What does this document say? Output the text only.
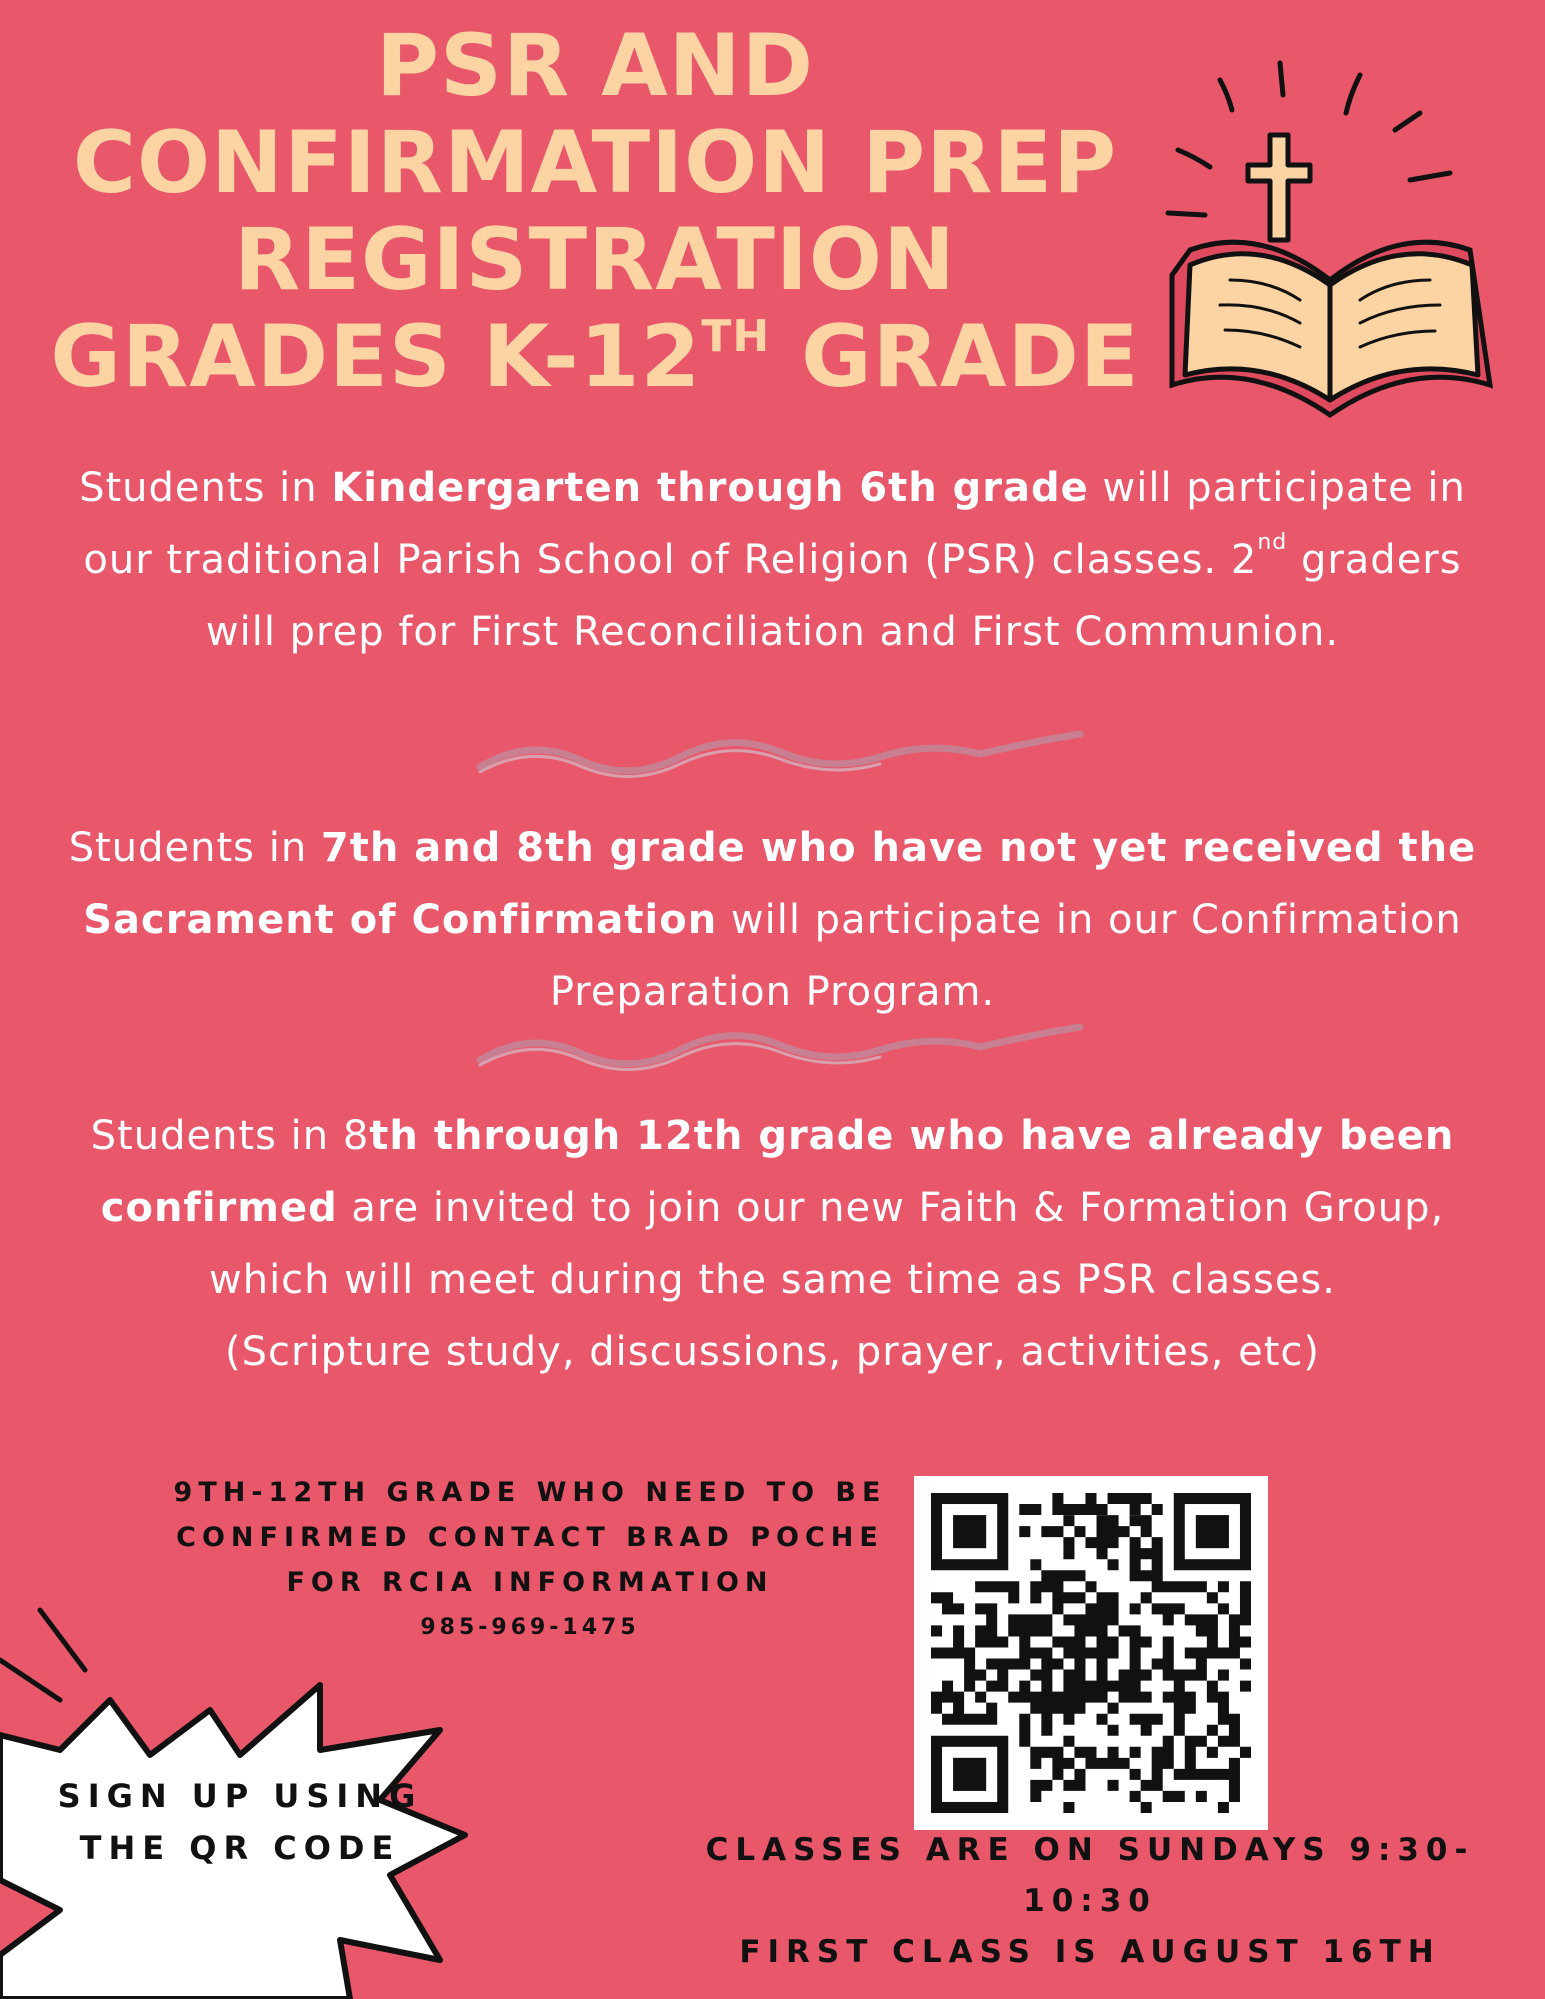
PSR AND
CONFIRMATION PREP
REGISTRATION
GRADES K-12TH GRADE
Students in Kindergarten through 6th grade will participate in our traditional Parish School of Religion (PSR) classes. 2nd graders will prep for First Reconciliation and First Communion.
Students in 7th and 8th grade who have not yet received the Sacrament of Confirmation will participate in our Confirmation Preparation Program.
Students in 8th through 12th grade who have already been confirmed are invited to join our new Faith & Formation Group, which will meet during the same time as PSR classes.
(Scripture study, discussions, prayer, activities, etc)
9TH-12TH GRADE WHO NEED TO BE
CONFIRMED CONTACT BRAD POCHE
FOR RCIA INFORMATION
985-969-1475
SIGN UP USING
THE QR CODE	CLASSES ARE ON SUNDAYS 9:30-10:30
FIRST CLASS IS AUGUST 16TH
